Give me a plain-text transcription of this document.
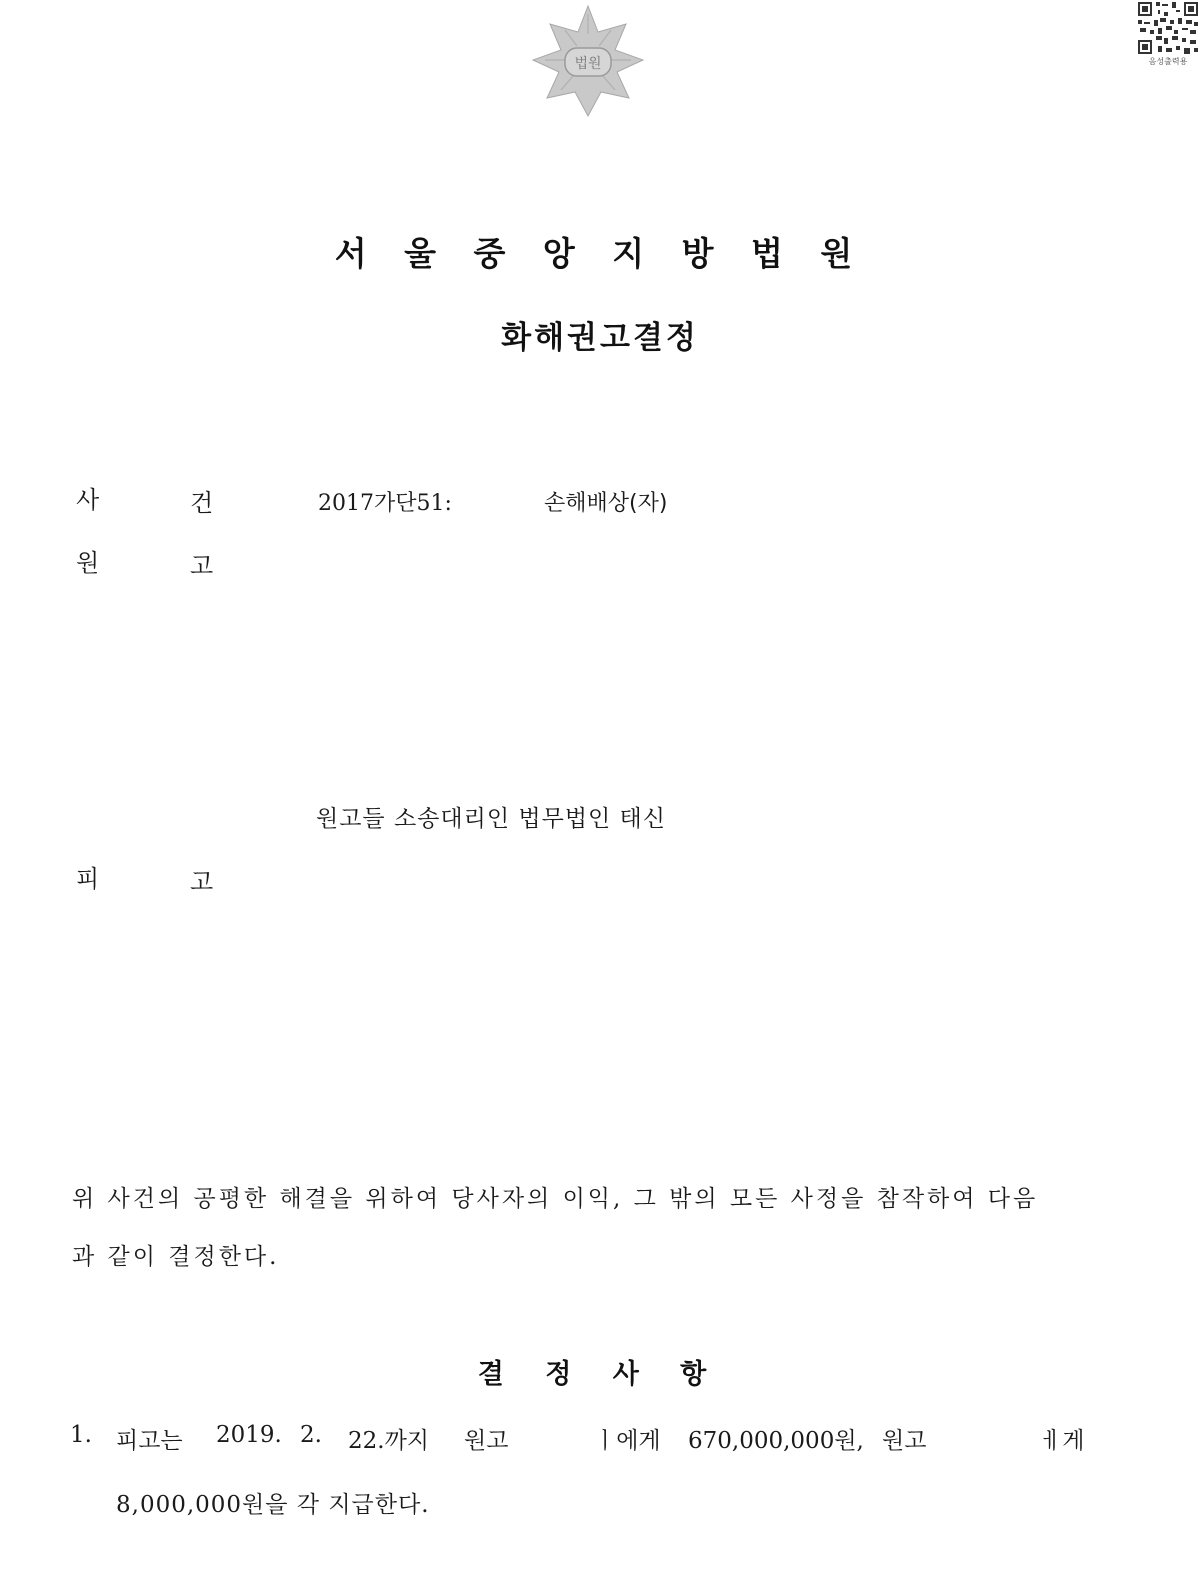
법원	음성출력용
서 울 중 앙 지 방 법 원
화해권고결정
사	건	2017가단51:	손해배상(자)
원	고
원고들 소송대리인 법무법인 태신
피	고
위 사건의 공평한 해결을 위하여 당사자의 이익, 그 밖의 모든 사정을 참작하여 다음
과 같이 결정한다.
결 정 사 항
1. 피고는 2019. 2. 22.까지 원고	ㅣ에게 670,000,000원, 원고	ㅔ게
8,000,000원을 각 지급한다.
